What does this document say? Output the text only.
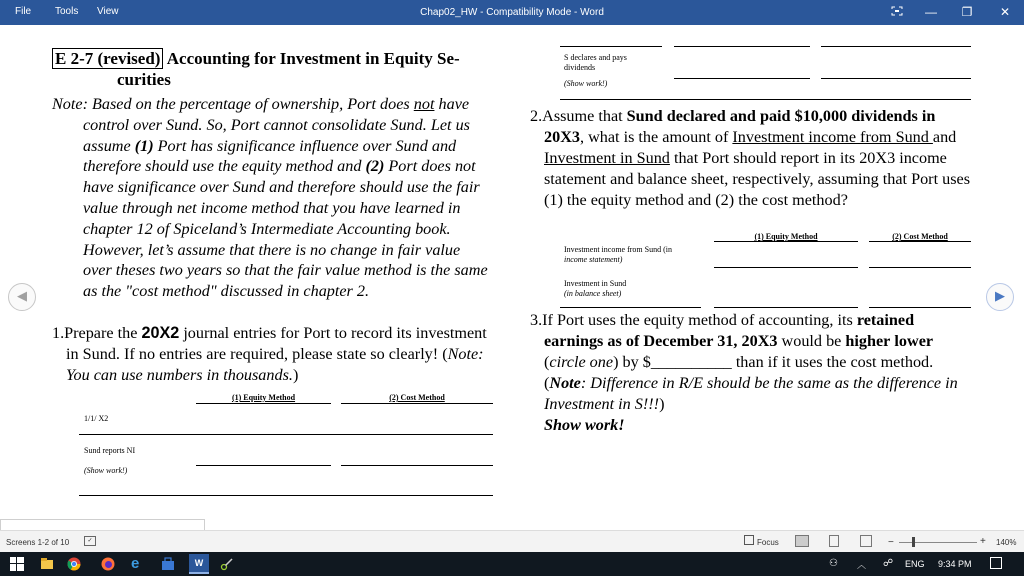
File Tools View	Chap02_HW - Compatibility Mode - Word	—	❐	✕
◀	▶
E 2-7 (revised) Accounting for Investment in Equity Se-
curities
Note: Based on the percentage of ownership, Port does not have control over Sund. So, Port cannot consolidate Sund. Let us assume (1) Port has significance influence over Sund and therefore should use the equity method and (2) Port does not have significance over Sund and therefore should use the fair value through net income method that you have learned in chapter 12 of Spiceland’s Intermediate Accounting book. However, let’s assume that there is no change in fair value over theses two years so that the fair value method is the same as the "cost method" discussed in chapter 2.
1.Prepare the 20X2 journal entries for Port to record its investment in Sund. If no entries are required, please state so clearly! (Note: You can use numbers in thousands.)
(1) Equity Method	(2) Cost Method
1/1/ X2
Sund reports NI
(Show work!)
S declares and pays dividends
(Show work!)
2.Assume that Sund declared and paid $10,000 dividends in 20X3, what is the amount of Investment income from Sund and Investment in Sund that Port should report in its 20X3 income statement and balance sheet, respectively, assuming that Port uses (1) the equity method and (2) the cost method?
(1) Equity Method	(2) Cost Method
Investment income from Sund (in
income statement)
Investment in Sund
(in balance sheet)
3.If Port uses the equity method of accounting, its retained earnings as of December 31, 20X3 would be higher lower (circle one) by $__________ than if it uses the cost method. (Note: Difference in R/E should be the same as the difference in Investment in S!!!)
Show work!
Screens 1-2 of 10	✓	Focus	−	+ 140%
e	W	⚇ ︿ ☍ ENG 9:34 PM
